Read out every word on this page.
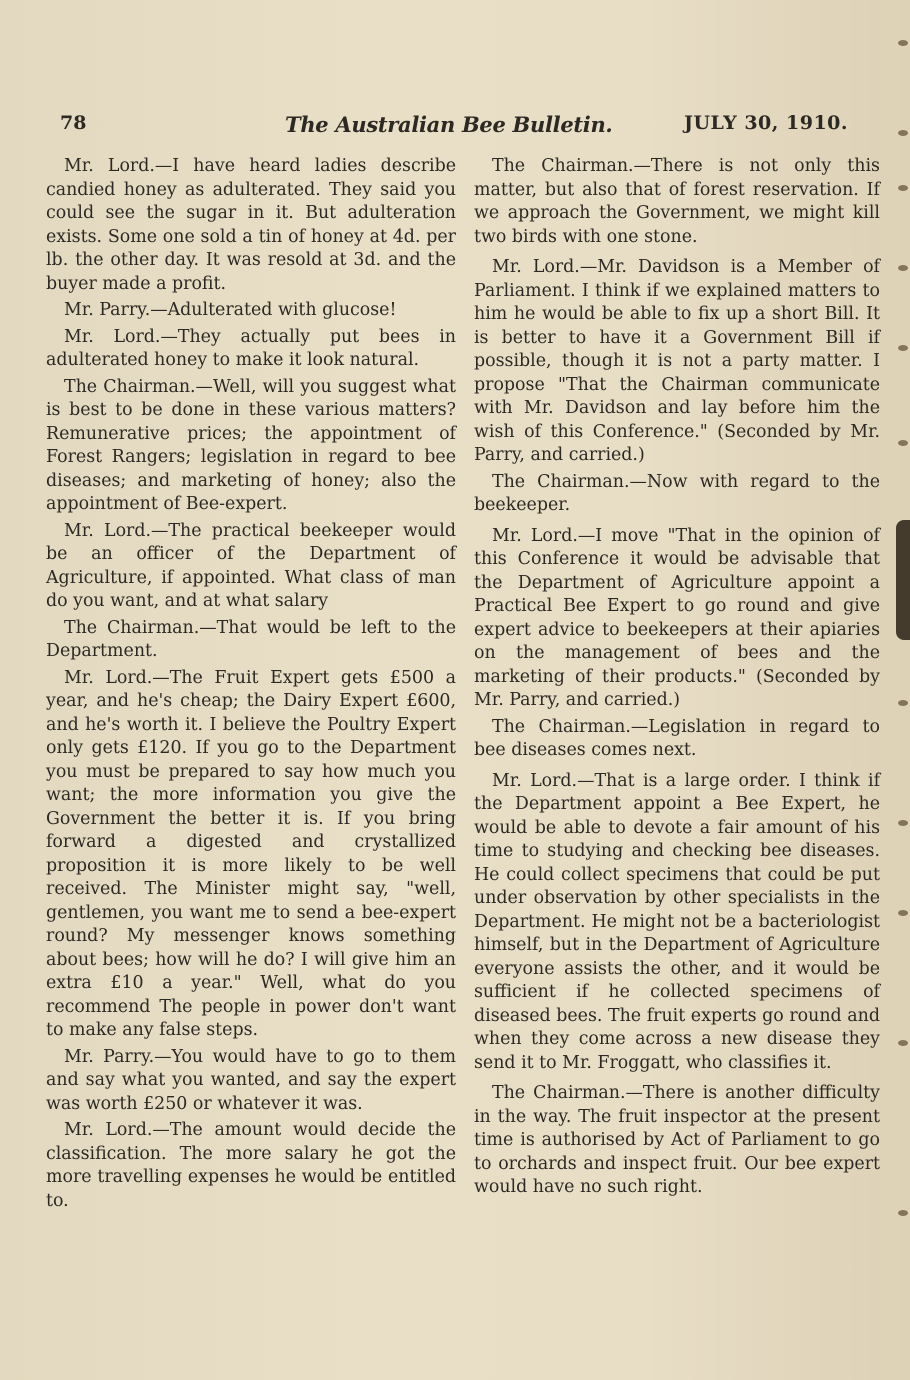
78	The Australian Bee Bulletin.	JULY 30, 1910.

Mr. Lord.—I have heard ladies describe candied honey as adulterated. They said you could see the sugar in it. But adulteration exists. Some one sold a tin of honey at 4d. per lb. the other day. It was resold at 3d. and the buyer made a profit.

Mr. Parry.—Adulterated with glucose!

Mr. Lord.—They actually put bees in adulterated honey to make it look natural.

The Chairman.—Well, will you suggest what is best to be done in these various matters? Remunerative prices; the appointment of Forest Rangers; legislation in regard to bee diseases; and marketing of honey; also the appointment of Bee-expert.

Mr. Lord.—The practical beekeeper would be an officer of the Department of Agriculture, if appointed. What class of man do you want, and at what salary

The Chairman.—That would be left to the Department.

Mr. Lord.—The Fruit Expert gets £500 a year, and he's cheap; the Dairy Expert £600, and he's worth it. I believe the Poultry Expert only gets £120. If you go to the Department you must be prepared to say how much you want; the more information you give the Government the better it is. If you bring forward a digested and crystallized proposition it is more likely to be well received. The Minister might say, "well, gentlemen, you want me to send a bee-expert round? My messenger knows something about bees; how will he do? I will give him an extra £10 a year." Well, what do you recommend The people in power don't want to make any false steps.

Mr. Parry.—You would have to go to them and say what you wanted, and say the expert was worth £250 or whatever it was.

Mr. Lord.—The amount would decide the classification. The more salary he got the more travelling expenses he would be entitled to.

The Chairman.—There is not only this matter, but also that of forest reservation. If we approach the Government, we might kill two birds with one stone.

Mr. Lord.—Mr. Davidson is a Member of Parliament. I think if we explained matters to him he would be able to fix up a short Bill. It is better to have it a Government Bill if possible, though it is not a party matter. I propose "That the Chairman communicate with Mr. Davidson and lay before him the wish of this Conference." (Seconded by Mr. Parry, and carried.)

The Chairman.—Now with regard to the beekeeper.

Mr. Lord.—I move "That in the opinion of this Conference it would be advisable that the Department of Agriculture appoint a Practical Bee Expert to go round and give expert advice to beekeepers at their apiaries on the management of bees and the marketing of their products." (Seconded by Mr. Parry, and carried.)

The Chairman.—Legislation in regard to bee diseases comes next.

Mr. Lord.—That is a large order. I think if the Department appoint a Bee Expert, he would be able to devote a fair amount of his time to studying and checking bee diseases. He could collect specimens that could be put under observation by other specialists in the Department. He might not be a bacteriologist himself, but in the Department of Agriculture everyone assists the other, and it would be sufficient if he collected specimens of diseased bees. The fruit experts go round and when they come across a new disease they send it to Mr. Froggatt, who classifies it.

The Chairman.—There is another difficulty in the way. The fruit inspector at the present time is authorised by Act of Parliament to go to orchards and inspect fruit. Our bee expert would have no such right.
